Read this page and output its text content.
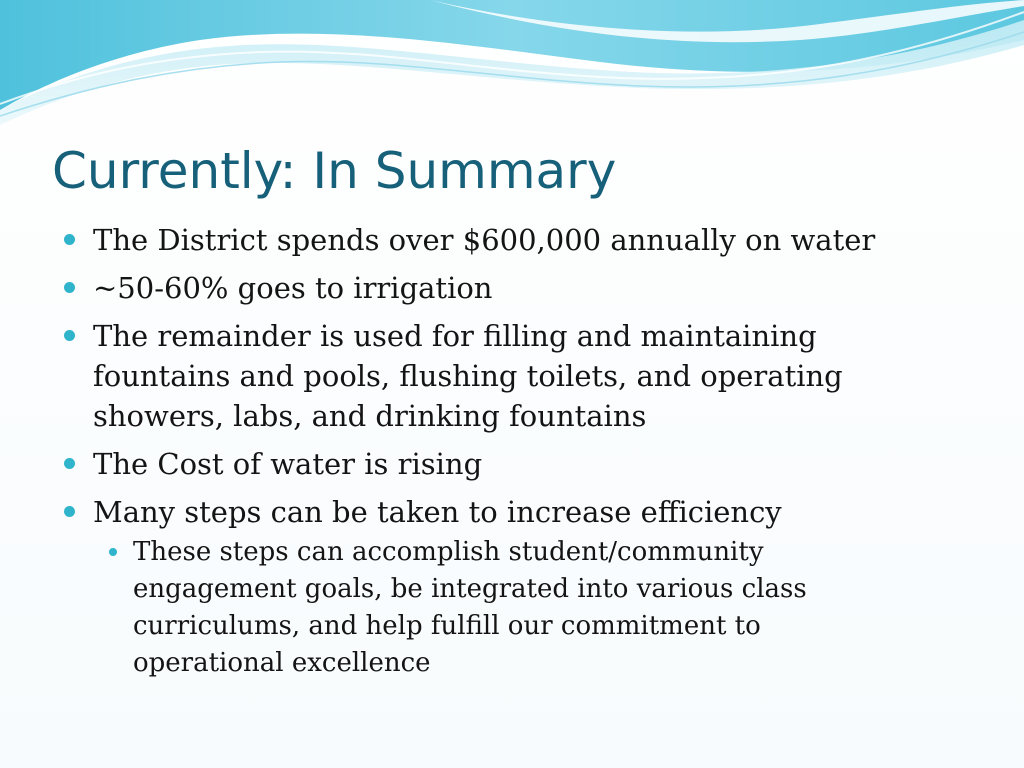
Currently: In Summary
The District spends over $600,000 annually on water
~50-60% goes to irrigation
The remainder is used for filling and maintaining fountains and pools, flushing toilets, and operating showers, labs, and drinking fountains
The Cost of water is rising
Many steps can be taken to increase efficiency
These steps can accomplish student/community engagement goals, be integrated into various class curriculums, and help fulfill our commitment to operational excellence
